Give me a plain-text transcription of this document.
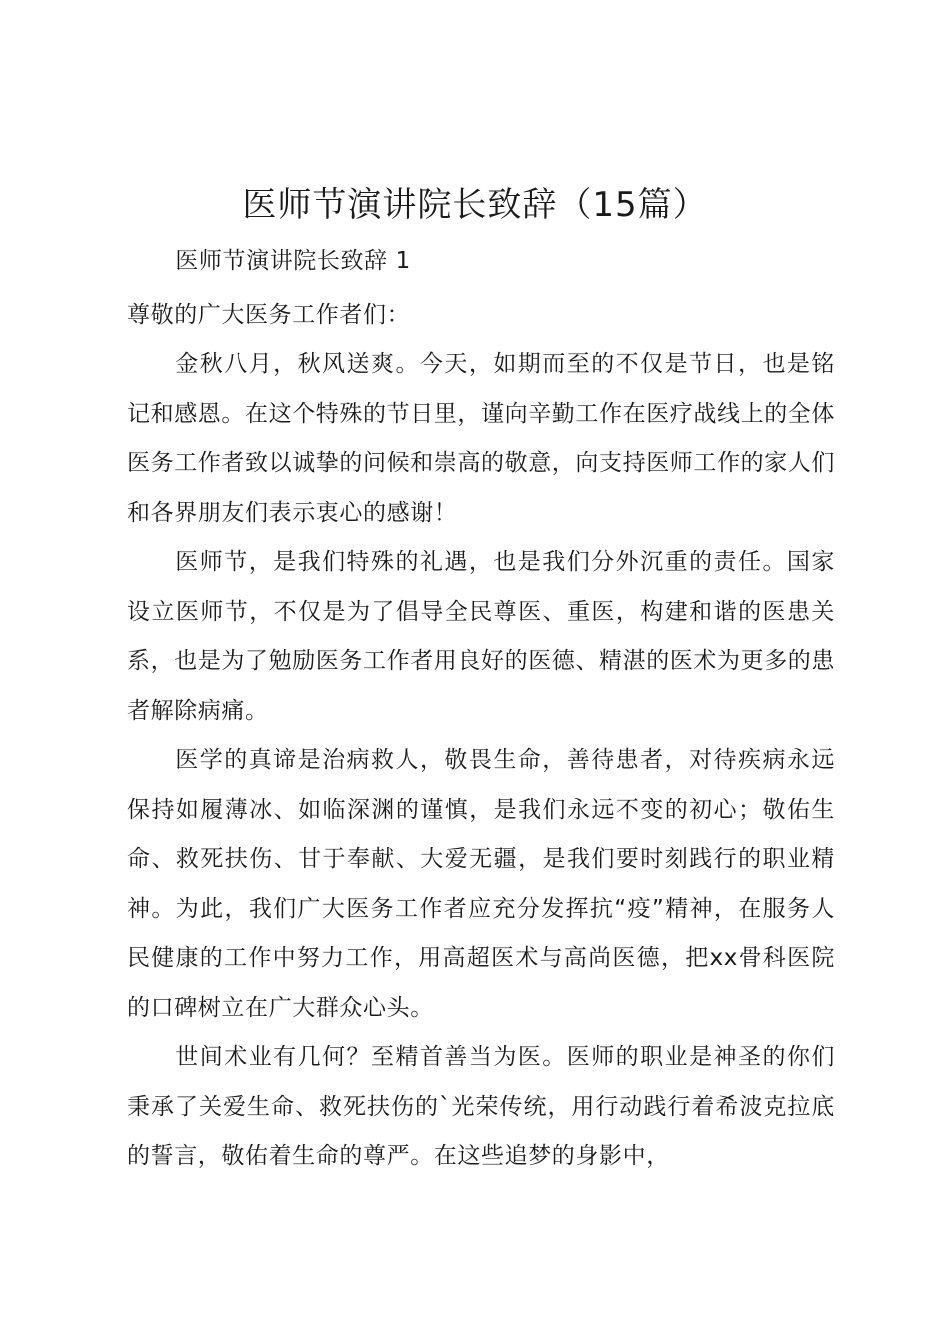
医师节演讲院长致辞（15篇）

医师节演讲院长致辞 1

尊敬的广大医务工作者们：

金秋八月，秋风送爽。今天，如期而至的不仅是节日，也是铭记和感恩。在这个特殊的节日里，谨向辛勤工作在医疗战线上的全体医务工作者致以诚挚的问候和崇高的敬意，向支持医师工作的家人们和各界朋友们表示衷心的感谢！

医师节，是我们特殊的礼遇，也是我们分外沉重的责任。国家设立医师节，不仅是为了倡导全民尊医、重医，构建和谐的医患关系，也是为了勉励医务工作者用良好的医德、精湛的医术为更多的患者解除病痛。

医学的真谛是治病救人，敬畏生命，善待患者，对待疾病永远保持如履薄冰、如临深渊的谨慎，是我们永远不变的初心；敬佑生命、救死扶伤、甘于奉献、大爱无疆，是我们要时刻践行的职业精神。为此，我们广大医务工作者应充分发挥抗“疫”精神，在服务人民健康的工作中努力工作，用高超医术与高尚医德，把xx骨科医院的口碑树立在广大群众心头。

世间术业有几何？至精首善当为医。医师的职业是神圣的你们秉承了关爱生命、救死扶伤的`光荣传统，用行动践行着希波克拉底的誓言，敬佑着生命的尊严。在这些追梦的身影中，
